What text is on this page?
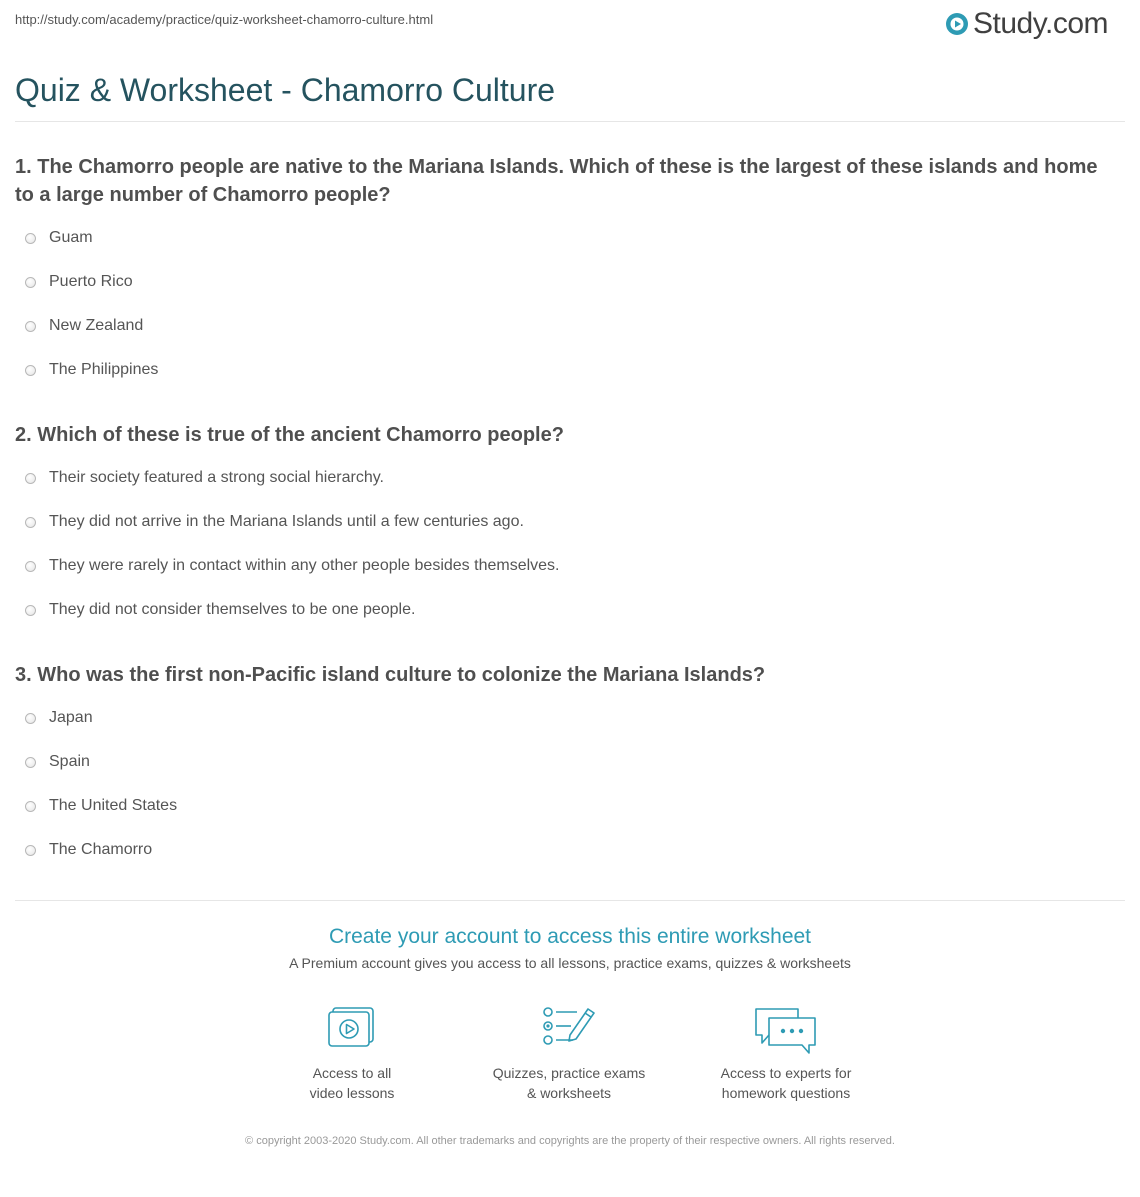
http://study.com/academy/practice/quiz-worksheet-chamorro-culture.html	Study.com
Quiz & Worksheet - Chamorro Culture

1. The Chamorro people are native to the Mariana Islands. Which of these is the largest of these islands and home to a large number of Chamorro people?

Guam
Puerto Rico
New Zealand
The Philippines

2. Which of these is true of the ancient Chamorro people?

Their society featured a strong social hierarchy.
They did not arrive in the Mariana Islands until a few centuries ago.
They were rarely in contact within any other people besides themselves.
They did not consider themselves to be one people.

3. Who was the first non-Pacific island culture to colonize the Mariana Islands?

Japan
Spain
The United States
The Chamorro
Create your account to access this entire worksheet

A Premium account gives you access to all lessons, practice exams, quizzes & worksheets

Access to all
video lessons
Quizzes, practice exams
& worksheets
Access to experts for
homework questions
© copyright 2003-2020 Study.com. All other trademarks and copyrights are the property of their respective owners. All rights reserved.
